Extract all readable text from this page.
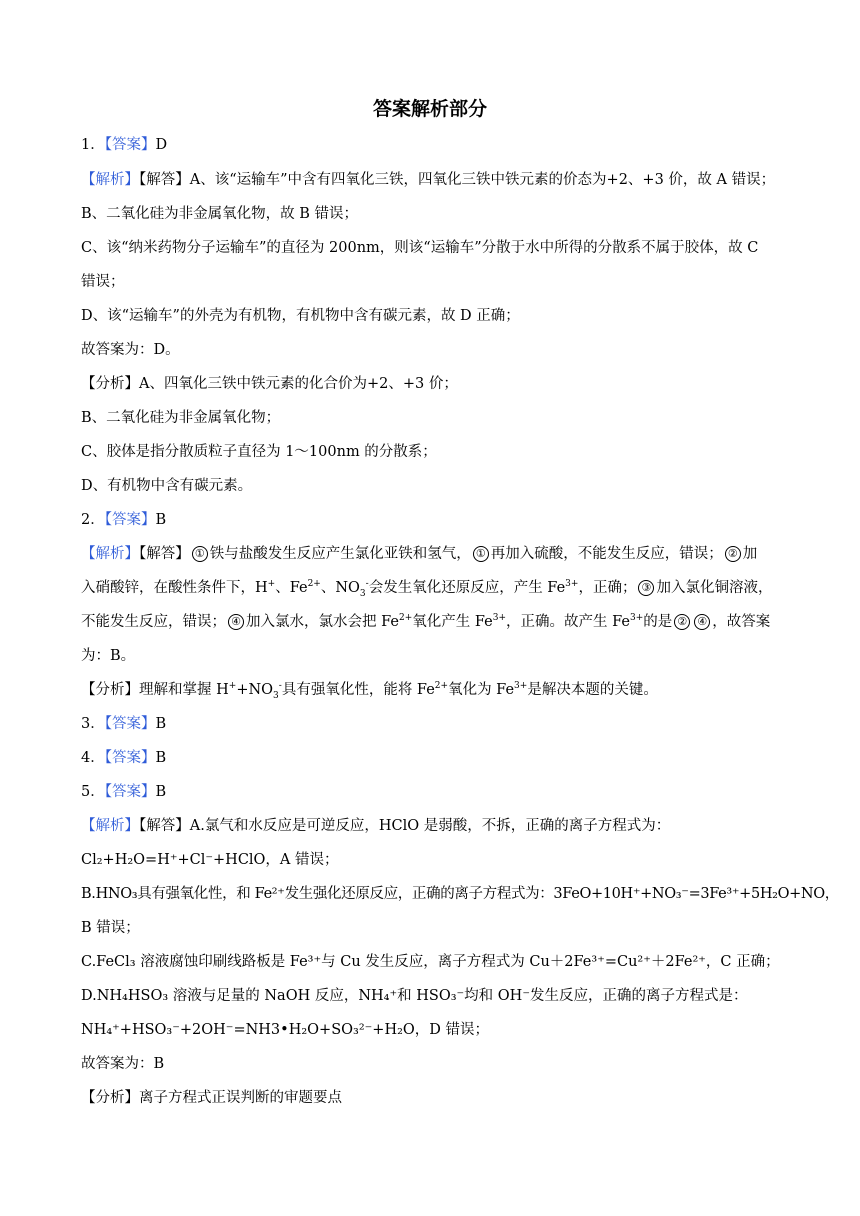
答案解析部分
1．【答案】D
【解析】【解答】A、该“运输车”中含有四氧化三铁，四氧化三铁中铁元素的价态为+2、+3 价，故 A 错误；
B、二氧化硅为非金属氧化物，故 B 错误；
C、该“纳米药物分子运输车”的直径为 200nm，则该“运输车”分散于水中所得的分散系不属于胶体，故 C
错误；
D、该“运输车”的外壳为有机物，有机物中含有碳元素，故 D 正确；
故答案为：D。
【分析】A、四氧化三铁中铁元素的化合价为+2、+3 价；
B、二氧化硅为非金属氧化物；
C、胶体是指分散质粒子直径为 1～100nm 的分散系；
D、有机物中含有碳元素。
2．【答案】B
【解析】【解答】 ① 铁与盐酸发生反应产生氯化亚铁和氢气， ① 再加入硫酸，不能发生反应，错误； ② 加
入硝酸锌，在酸性条件下，H+、$Fe^{2+}$、$NO_3^-$会发生氧化还原反应，产生 $Fe^{3+}$，正确； ③ 加入氯化铜溶液，
不能发生反应，错误； ④ 加入氯水，氯水会把 $Fe^{2+}$氧化产生 $Fe^{3+}$，正确。故产生 $Fe^{3+}$的是 ② ④ ，故答案
为：B。
【分析】理解和掌握 $H^++NO_3^-$具有强氧化性，能将 $Fe^{2+}$氧化为 $Fe^{3+}$是解决本题的关键。
3．【答案】B
4．【答案】B
5．【答案】B
【解析】【解答】A.氯气和水反应是可逆反应，HClO 是弱酸，不拆，正确的离子方程式为：
Cl₂+H₂O=H⁺+Cl⁻+HClO，A 错误；
B.HNO₃具有强氧化性，和 Fe²⁺发生强化还原反应，正确的离子方程式为：3FeO+10H⁺+NO₃⁻=3Fe³⁺+5H₂O+NO，
B 错误；
C.FeCl₃ 溶液腐蚀印刷线路板是 Fe³⁺与 Cu 发生反应，离子方程式为 Cu＋2Fe³⁺=Cu²⁺＋2Fe²⁺，C 正确；
D.NH₄HSO₃ 溶液与足量的 NaOH 反应，NH₄⁺和 HSO₃⁻均和 OH⁻发生反应，正确的离子方程式是：
NH₄⁺+HSO₃⁻+2OH⁻=NH3•H₂O+SO₃²⁻+H₂O，D 错误；
故答案为：B
【分析】离子方程式正误判断的审题要点
